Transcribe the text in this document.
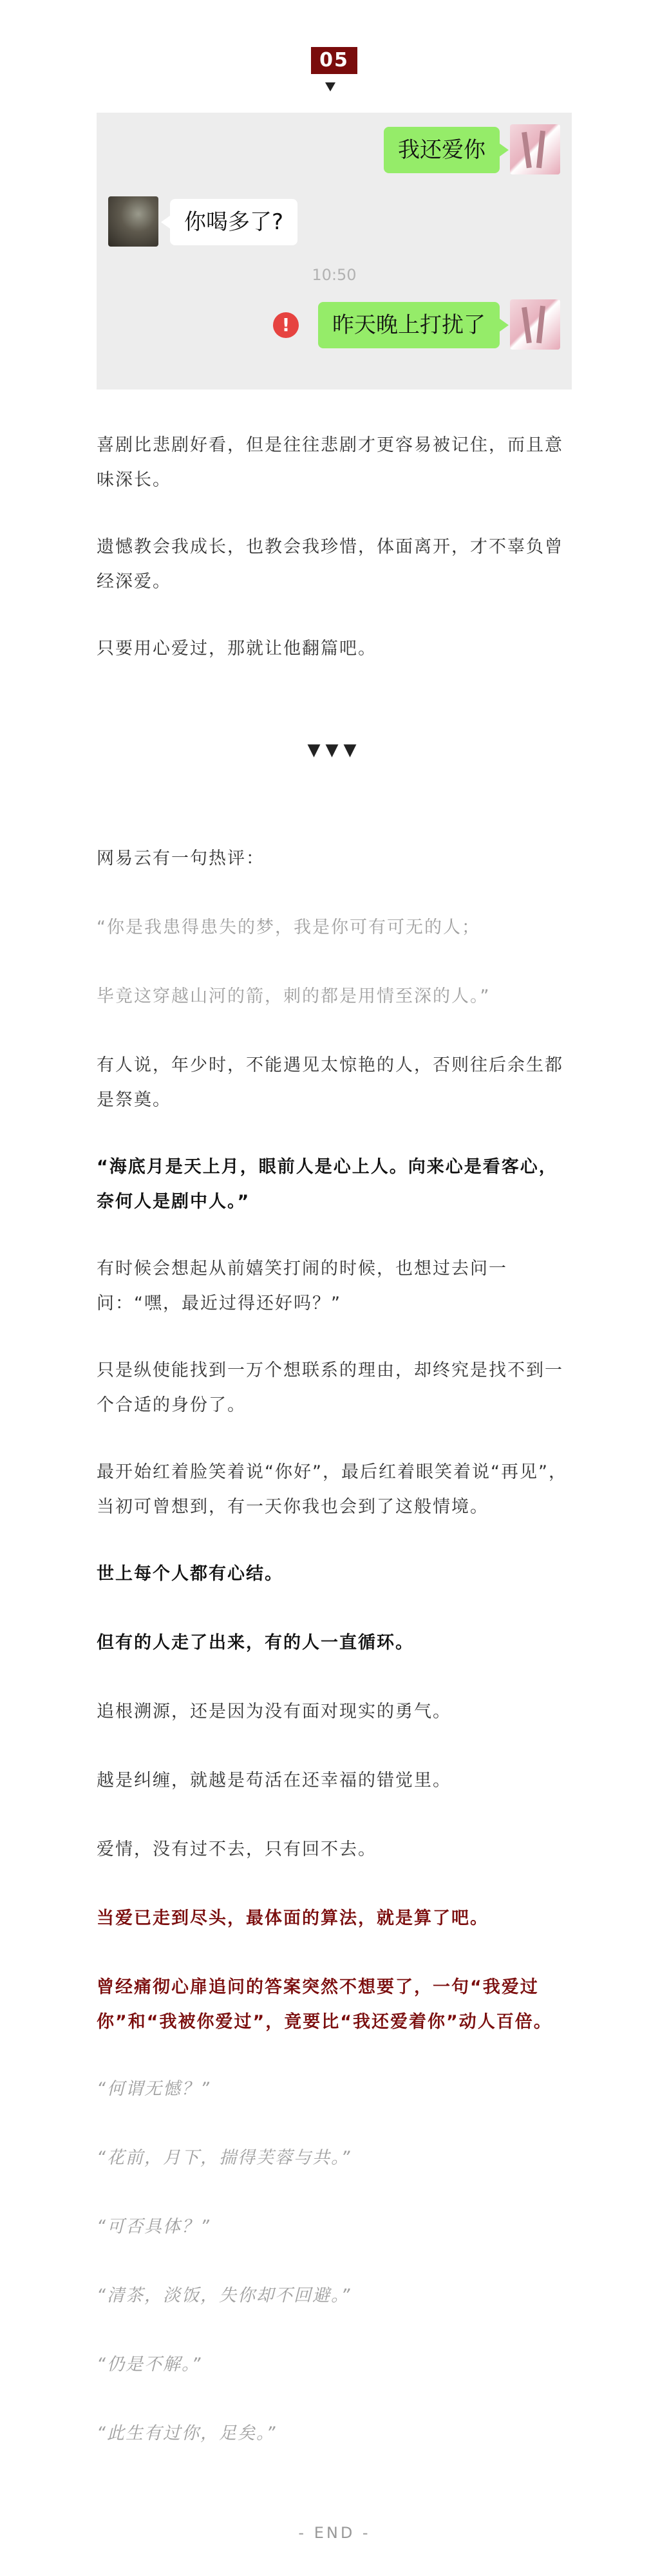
05
我还爱你
你喝多了?
10:50
!	昨天晚上打扰了

喜剧比悲剧好看，但是往往悲剧才更容易被记住，而且意味深长。

遗憾教会我成长，也教会我珍惜，体面离开，才不辜负曾经深爱。

只要用心爱过，那就让他翻篇吧。

▼▼▼

网易云有一句热评：

“你是我患得患失的梦，我是你可有可无的人；

毕竟这穿越山河的箭，刺的都是用情至深的人。”

有人说，年少时，不能遇见太惊艳的人，否则往后余生都是祭奠。

“海底月是天上月，眼前人是心上人。向来心是看客心，奈何人是剧中人。”

有时候会想起从前嬉笑打闹的时候，也想过去问一问：“嘿，最近过得还好吗？”

只是纵使能找到一万个想联系的理由，却终究是找不到一个合适的身份了。

最开始红着脸笑着说“你好”，最后红着眼笑着说“再见”，当初可曾想到，有一天你我也会到了这般情境。

世上每个人都有心结。

但有的人走了出来，有的人一直循环。

追根溯源，还是因为没有面对现实的勇气。

越是纠缠，就越是苟活在还幸福的错觉里。

爱情，没有过不去，只有回不去。

当爱已走到尽头，最体面的算法，就是算了吧。

曾经痛彻心扉追问的答案突然不想要了，一句“我爱过你”和“我被你爱过”，竟要比“我还爱着你”动人百倍。

“何谓无憾？”

“花前，月下，揣得芙蓉与共。”

“可否具体？”

“清茶，淡饭，失你却不回避。”

“仍是不解。”

“此生有过你，足矣。”

- END -
